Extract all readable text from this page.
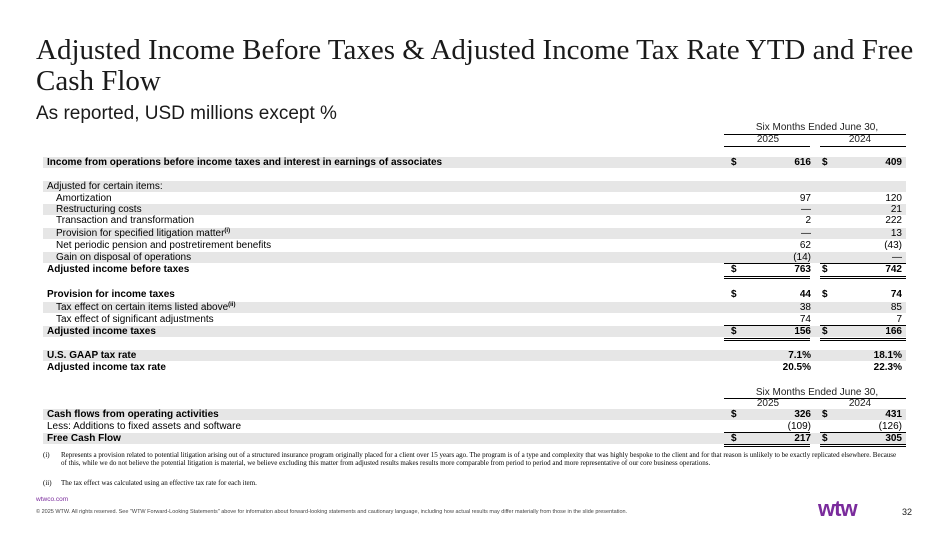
Adjusted Income Before Taxes & Adjusted Income Tax Rate YTD and Free Cash Flow
As reported, USD millions except %
Six Months Ended June 30,
2025	2024
Income from operations before income taxes and interest in earnings of associates	$	616 $	409
Adjusted for certain items:
Amortization	97	120
Restructuring costs	—	21
Transaction and transformation	2	222
Provision for specified litigation matter$^{(i)}$	—	13
Net periodic pension and postretirement benefits	62	(43)
Gain on disposal of operations	(14)	—
Adjusted income before taxes	$	763 $	742
Provision for income taxes	$	44 $	74
Tax effect on certain items listed above$^{(ii)}$	38	85
Tax effect of significant adjustments	74	7
Adjusted income taxes	$	156 $	166
U.S. GAAP tax rate	7.1%	18.1%
Adjusted income tax rate	20.5%	22.3%
Six Months Ended June 30,
2025	2024
Cash flows from operating activities	$	326 $	431
Less: Additions to fixed assets and software	(109)	(126)
Free Cash Flow	$	217 $	305
(i) Represents a provision related to potential litigation arising out of a structured insurance program originally placed for a client over 15 years ago. The program is of a type and complexity that was highly bespoke to the client and for that reason is unlikely to be exactly replicated elsewhere. Because of this, while we do not believe the potential litigation is material, we believe excluding this matter from adjusted results makes results more comparable from period to period and more representative of our core business operations.
(ii) The tax effect was calculated using an effective tax rate for each item.
wtwco.com
© 2025 WTW. All rights reserved. See "WTW Forward-Looking Statements" above for information about forward-looking statements and cautionary language, including how actual results may differ materially from those in the slide presentation.	wtw	32
